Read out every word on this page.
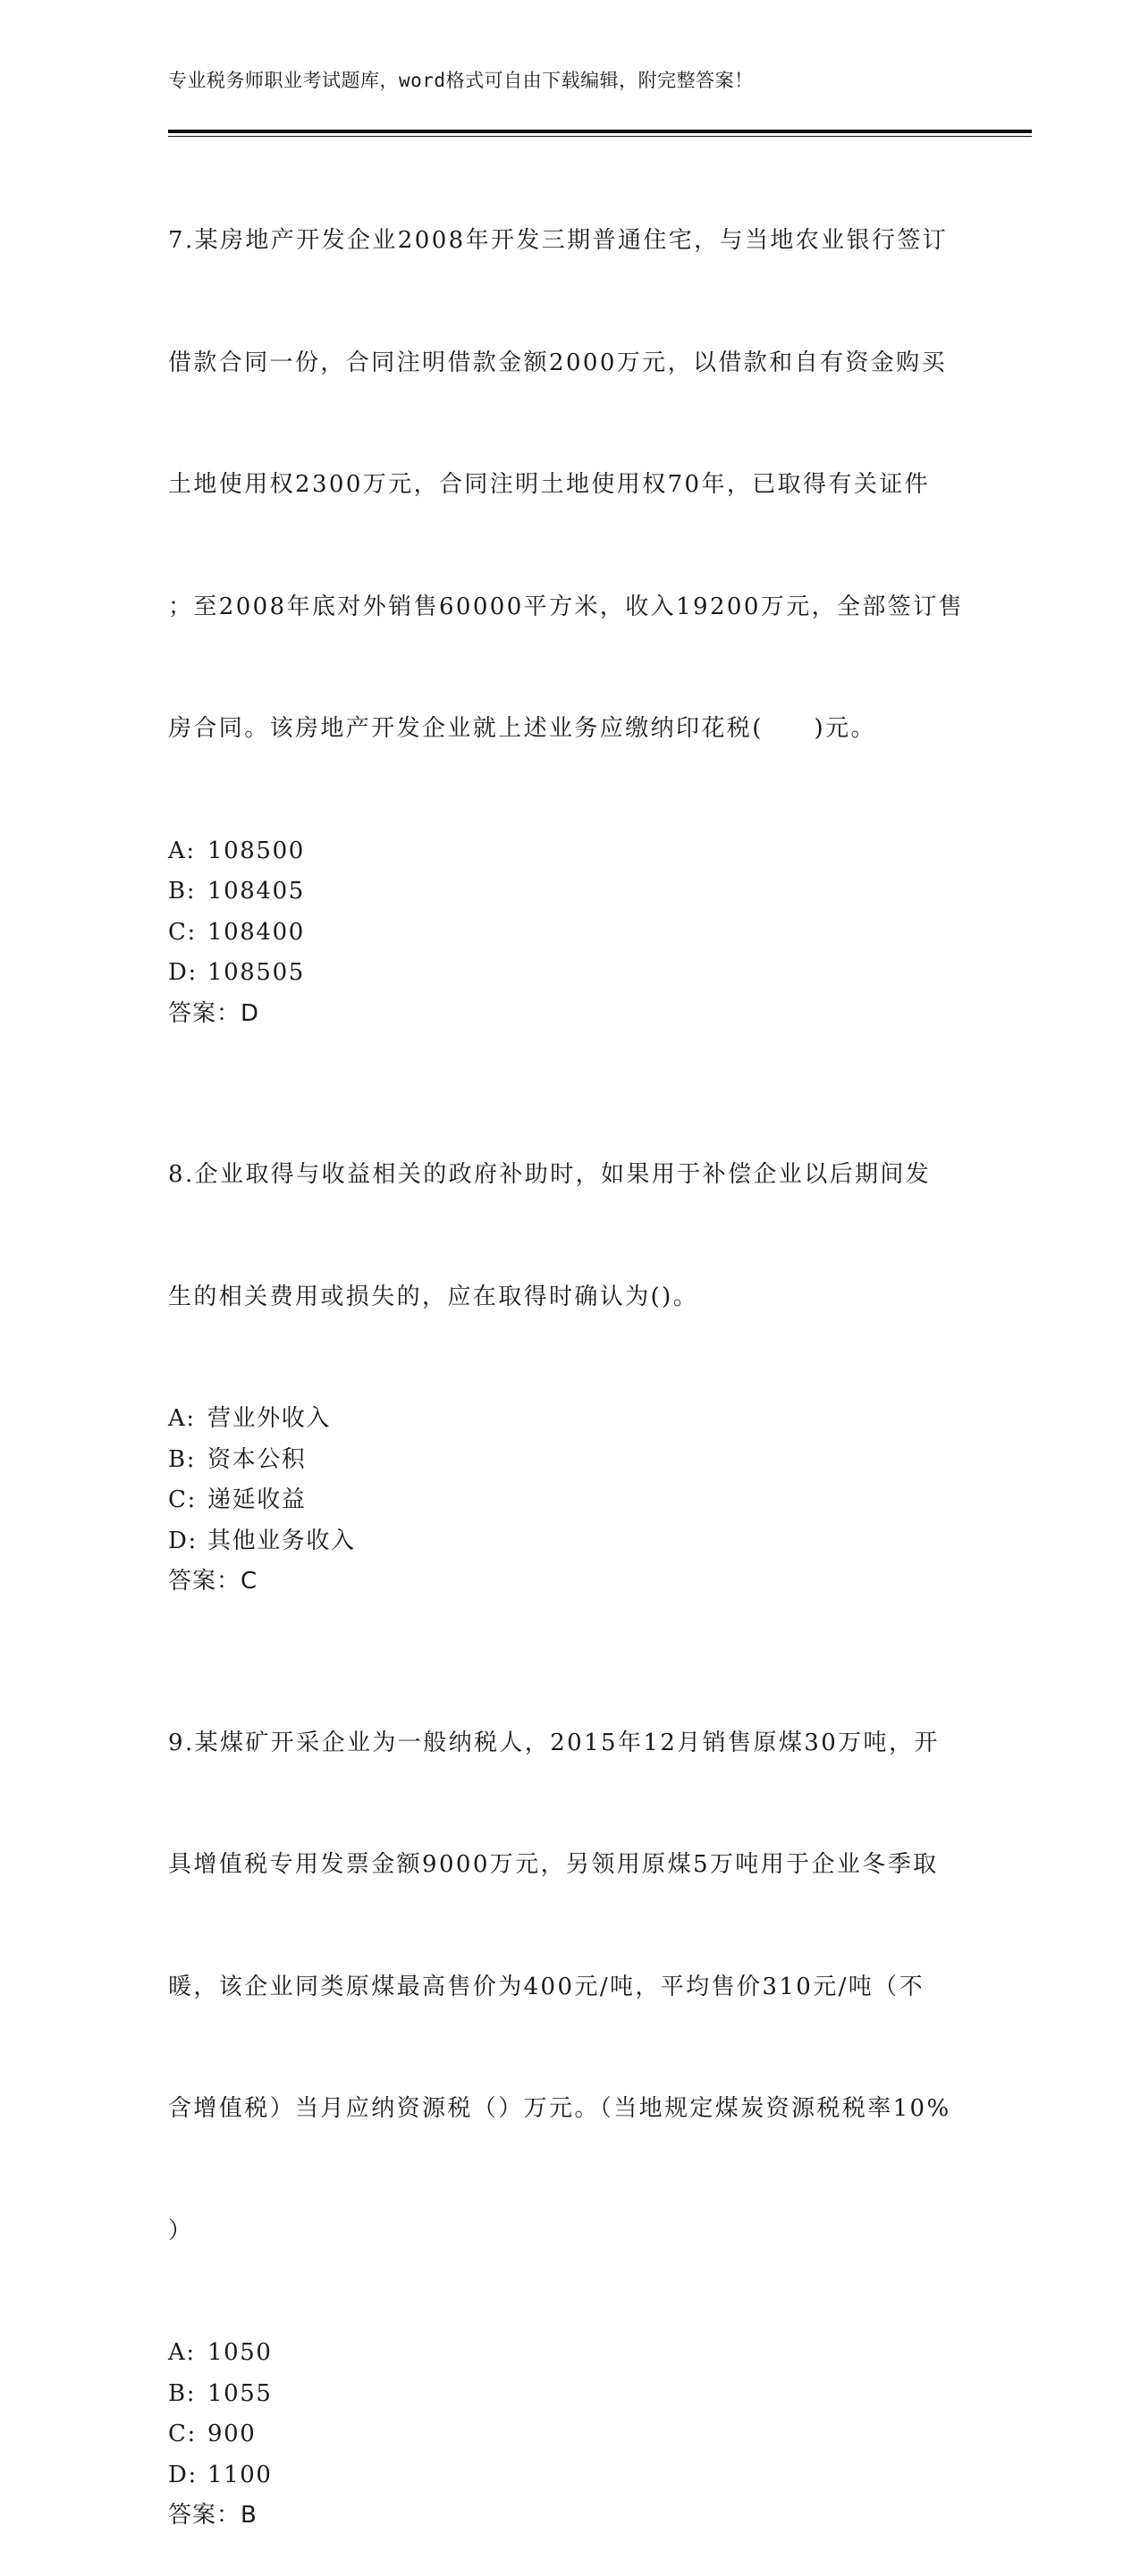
专业税务师职业考试题库，word格式可自由下载编辑，附完整答案！

7.某房地产开发企业2008年开发三期普通住宅，与当地农业银行签订

借款合同一份，合同注明借款金额2000万元，以借款和自有资金购买

土地使用权2300万元，合同注明土地使用权70年，已取得有关证件

；至2008年底对外销售60000平方米，收入19200万元，全部签订售

房合同。该房地产开发企业就上述业务应缴纳印花税(　　)元。

A: 108500
B: 108405
C: 108400
D: 108505
答案：D

8.企业取得与收益相关的政府补助时，如果用于补偿企业以后期间发

生的相关费用或损失的，应在取得时确认为()。

A: 营业外收入
B: 资本公积
C: 递延收益
D: 其他业务收入
答案：C

9.某煤矿开采企业为一般纳税人，2015年12月销售原煤30万吨，开

具增值税专用发票金额9000万元，另领用原煤5万吨用于企业冬季取

暖，该企业同类原煤最高售价为400元/吨，平均售价310元/吨（不

含增值税）当月应纳资源税（）万元。（当地规定煤炭资源税税率10%

）

A: 1050
B: 1055
C: 900
D: 1100
答案：B
